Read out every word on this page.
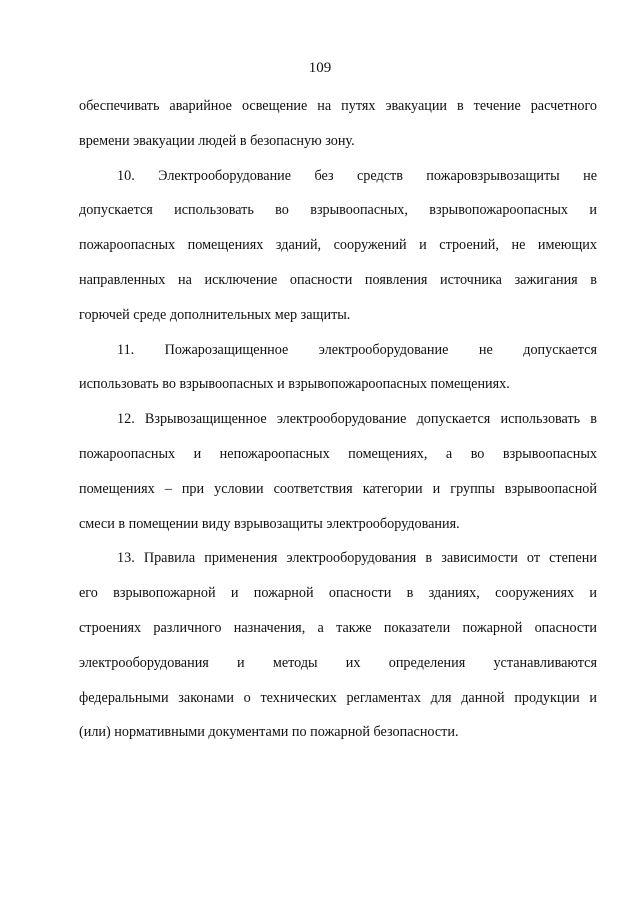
109
обеспечивать аварийное освещение на путях эвакуации в течение расчетного
времени эвакуации людей в безопасную зону.
10. Электрооборудование без средств пожаровзрывозащиты не
допускается использовать во взрывоопасных, взрывопожароопасных и
пожароопасных помещениях зданий, сооружений и строений, не имеющих
направленных на исключение опасности появления источника зажигания в
горючей среде дополнительных мер защиты.
11. Пожарозащищенное электрооборудование не допускается
использовать во взрывоопасных и взрывопожароопасных помещениях.
12. Взрывозащищенное электрооборудование допускается использовать в
пожароопасных и непожароопасных помещениях, а во взрывоопасных
помещениях – при условии соответствия категории и группы взрывоопасной
смеси в помещении виду взрывозащиты электрооборудования.
13. Правила применения электрооборудования в зависимости от степени
его взрывопожарной и пожарной опасности в зданиях, сооружениях и
строениях различного назначения, а также показатели пожарной опасности
электрооборудования и методы их определения устанавливаются
федеральными законами о технических регламентах для данной продукции и
(или) нормативными документами по пожарной безопасности.
